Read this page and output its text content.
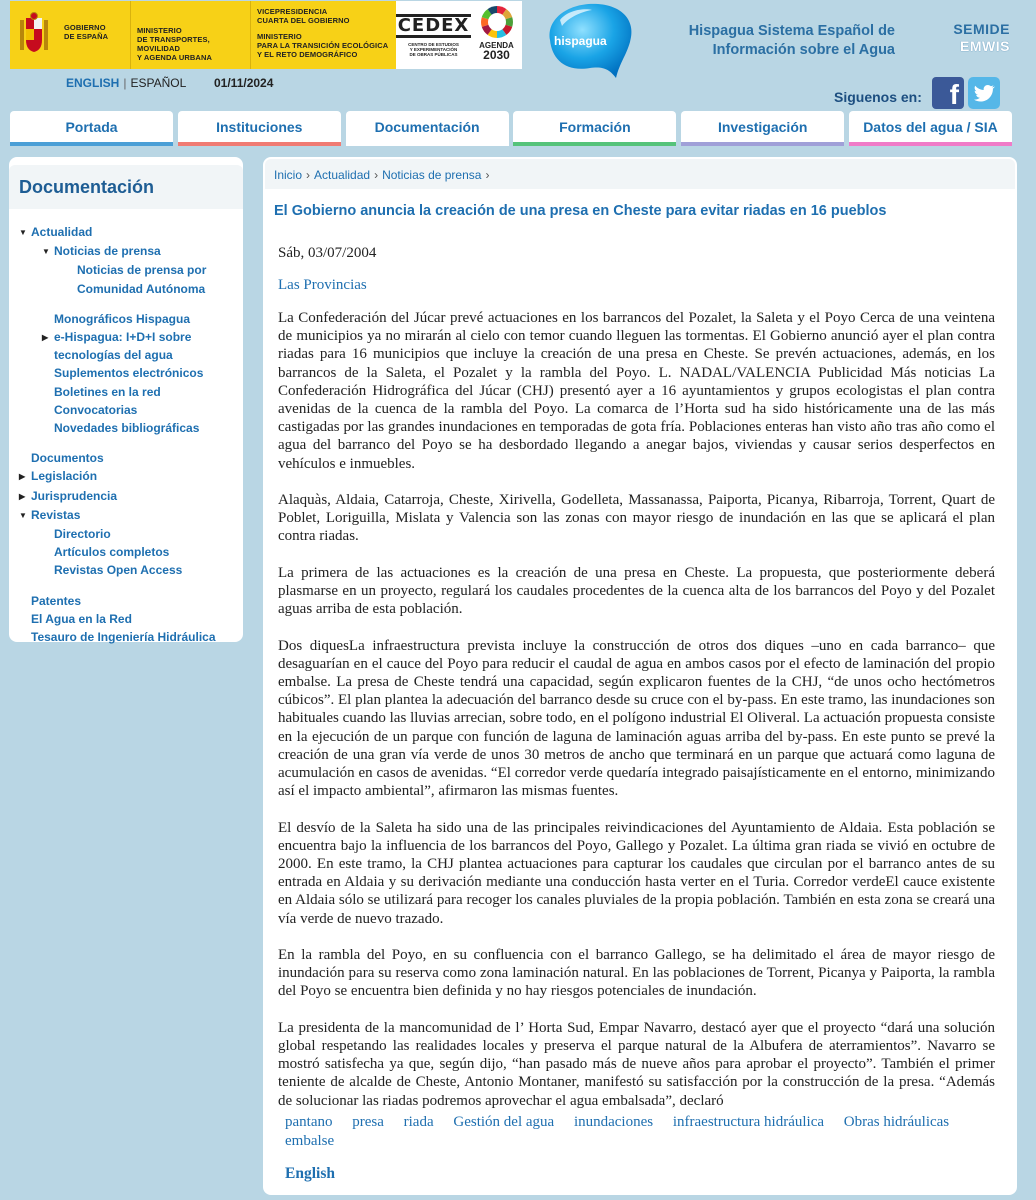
GOBIERNO
DE ESPAÑA
MINISTERIO
DE TRANSPORTES, MOVILIDAD
Y AGENDA URBANA
VICEPRESIDENCIA
CUARTA DEL GOBIERNO
MINISTERIO
PARA LA TRANSICIÓN ECOLÓGICA
Y EL RETO DEMOGRÁFICO
CEDEX
CENTRO DE ESTUDIOS
Y EXPERIMENTACIÓN
DE OBRAS PÚBLICAS
AGENDA
2030
hispagua
Hispagua Sistema Español de
Información sobre el Agua
SEMIDE
EMWIS
ENGLISH | ESPAÑOL 01/11/2024
Siguenos en: f
Portada	Instituciones	Documentación	Formación	Investigación	Datos del agua / SIA
Documentación
▼ Actualidad
▼ Noticias de prensa
Noticias de prensa por Comunidad Autónoma
Monográficos Hispagua
▶ e-Hispagua: I+D+I sobre tecnologías del agua
Suplementos electrónicos
Boletines en la red
Convocatorias
Novedades bibliográficas
Documentos
▶ Legislación
▶ Jurisprudencia
▼ Revistas
Directorio
Artículos completos
Revistas Open Access
Patentes
El Agua en la Red
Tesauro de Ingeniería Hidráulica
Inicio › Actualidad › Noticias de prensa ›
El Gobierno anuncia la creación de una presa en Cheste para evitar riadas en 16 pueblos
Sáb, 03/07/2004
Las Provincias

La Confederación del Júcar prevé actuaciones en los barrancos del Pozalet, la Saleta y el Poyo Cerca de una veintena de municipios ya no mirarán al cielo con temor cuando lleguen las tormentas. El Gobierno anunció ayer el plan contra riadas para 16 municipios que incluye la creación de una presa en Cheste. Se prevén actuaciones, además, en los barrancos de la Saleta, el Pozalet y la rambla del Poyo. L. NADAL/VALENCIA Publicidad Más noticias La Confederación Hidrográfica del Júcar (CHJ) presentó ayer a 16 ayuntamientos y grupos ecologistas el plan contra avenidas de la cuenca de la rambla del Poyo. La comarca de l’Horta sud ha sido históricamente una de las más castigadas por las grandes inundaciones en temporadas de gota fría. Poblaciones enteras han visto año tras año como el agua del barranco del Poyo se ha desbordado llegando a anegar bajos, viviendas y causar serios desperfectos en vehículos e inmuebles.

Alaquàs, Aldaia, Catarroja, Cheste, Xirivella, Godelleta, Massanassa, Paiporta, Picanya, Ribarroja, Torrent, Quart de Poblet, Loriguilla, Mislata y Valencia son las zonas con mayor riesgo de inundación en las que se aplicará el plan contra riadas.

La primera de las actuaciones es la creación de una presa en Cheste. La propuesta, que posteriormente deberá plasmarse en un proyecto, regulará los caudales procedentes de la cuenca alta de los barrancos del Poyo y del Pozalet aguas arriba de esta población.

Dos diquesLa infraestructura prevista incluye la construcción de otros dos diques –uno en cada barranco– que desaguarían en el cauce del Poyo para reducir el caudal de agua en ambos casos por el efecto de laminación del propio embalse. La presa de Cheste tendrá una capacidad, según explicaron fuentes de la CHJ, “de unos ocho hectómetros cúbicos”. El plan plantea la adecuación del barranco desde su cruce con el by-pass. En este tramo, las inundaciones son habituales cuando las lluvias arrecian, sobre todo, en el polígono industrial El Oliveral. La actuación propuesta consiste en la ejecución de un parque con función de laguna de laminación aguas arriba del by-pass. En este punto se prevé la creación de una gran vía verde de unos 30 metros de ancho que terminará en un parque que actuará como laguna de acumulación en casos de avenidas. “El corredor verde quedaría integrado paisajísticamente en el entorno, minimizando así el impacto ambiental”, afirmaron las mismas fuentes.

El desvío de la Saleta ha sido una de las principales reivindicaciones del Ayuntamiento de Aldaia. Esta población se encuentra bajo la influencia de los barrancos del Poyo, Gallego y Pozalet. La última gran riada se vivió en octubre de 2000. En este tramo, la CHJ plantea actuaciones para capturar los caudales que circulan por el barranco antes de su entrada en Aldaia y su derivación mediante una conducción hasta verter en el Turia. Corredor verdeEl cauce existente en Aldaia sólo se utilizará para recoger los canales pluviales de la propia población. También en esta zona se creará una vía verde de nuevo trazado.

En la rambla del Poyo, en su confluencia con el barranco Gallego, se ha delimitado el área de mayor riesgo de inundación para su reserva como zona laminación natural. En las poblaciones de Torrent, Picanya y Paiporta, la rambla del Poyo se encuentra bien definida y no hay riesgos potenciales de inundación.

La presidenta de la mancomunidad de l’ Horta Sud, Empar Navarro, destacó ayer que el proyecto “dará una solución global respetando las realidades locales y preserva el parque natural de la Albufera de aterramientos”. Navarro se mostró satisfecha ya que, según dijo, “han pasado más de nueve años para aprobar el proyecto”. También el primer teniente de alcalde de Cheste, Antonio Montaner, manifestó su satisfacción por la construcción de la presa. “Además de solucionar las riadas podremos aprovechar el agua embalsada”, declaró

pantano presa riada Gestión del agua inundaciones infraestructura hidráulica Obras hidráulicas embalse
English
